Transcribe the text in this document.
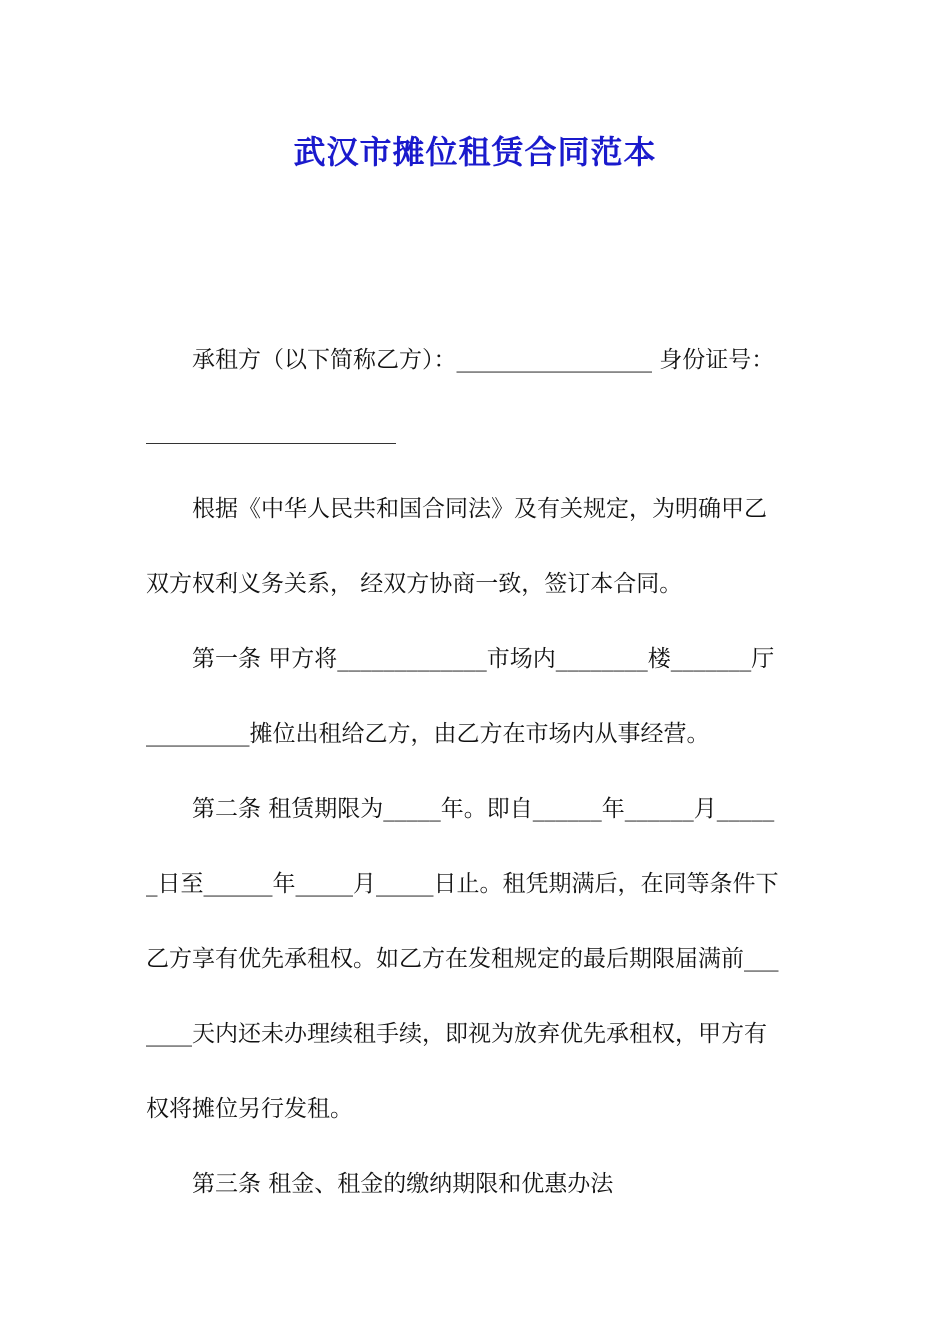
武汉市摊位租赁合同范本
承租方（以下简称乙方）：_________________ 身份证号：
根据《中华人民共和国合同法》及有关规定，为明确甲乙
双方权利义务关系， 经双方协商一致，签订本合同。
第一条 甲方将_____________市场内________楼_______厅
_________摊位出租给乙方，由乙方在市场内从事经营。
第二条 租赁期限为_____年。即自______年______月_____
_日至______年_____月_____日止。租凭期满后，在同等条件下
乙方享有优先承租权。如乙方在发租规定的最后期限届满前___
____天内还未办理续租手续，即视为放弃优先承租权，甲方有
权将摊位另行发租。
第三条 租金、租金的缴纳期限和优惠办法
